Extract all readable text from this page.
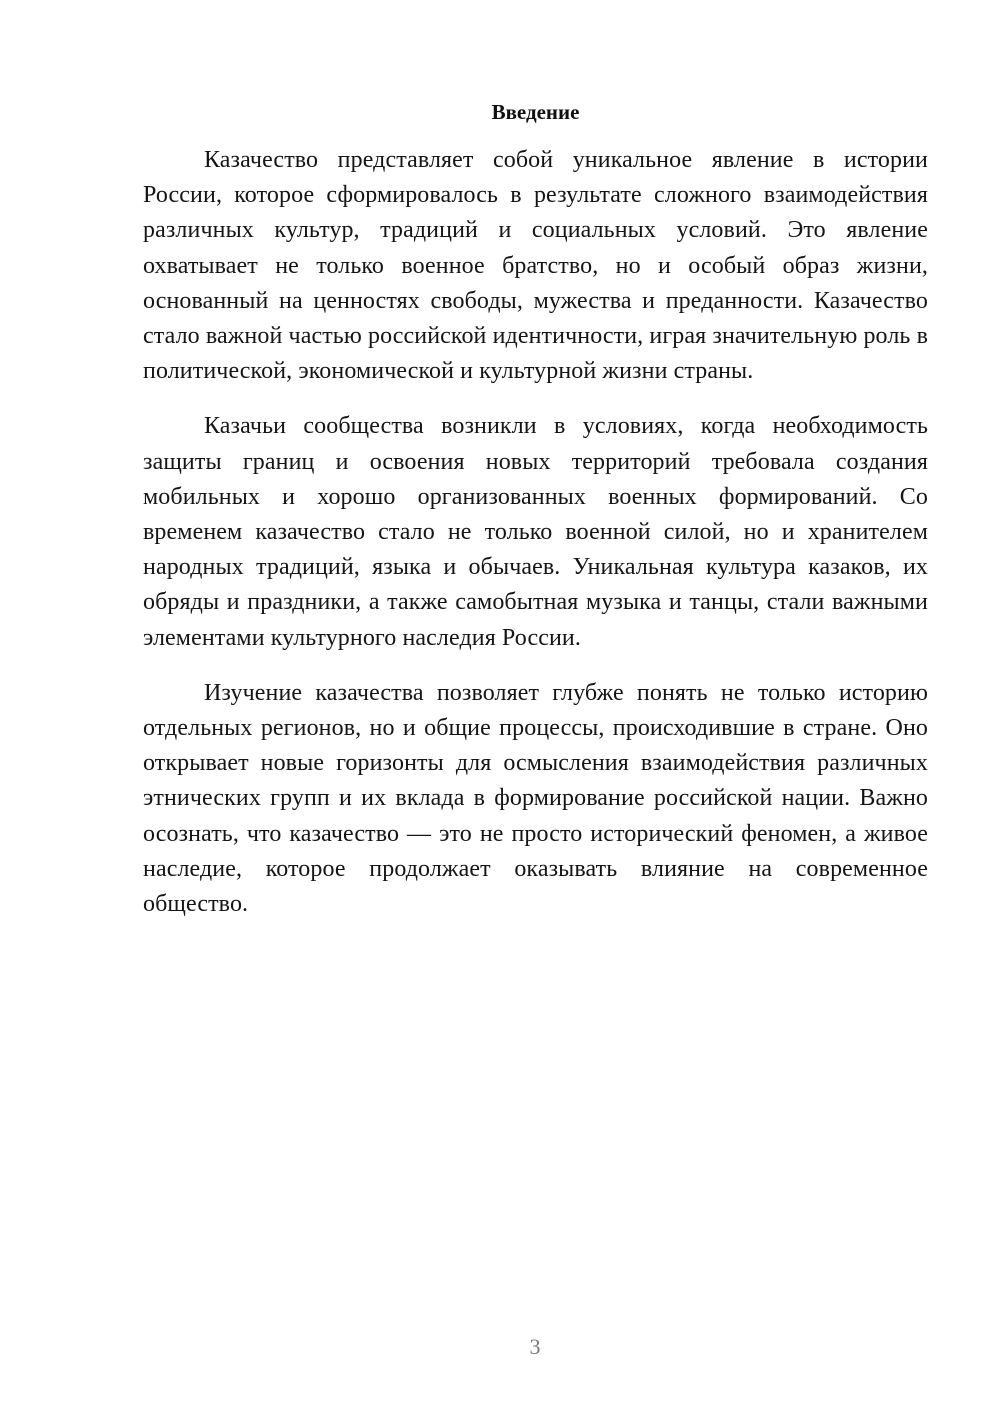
Введение

Казачество представляет собой уникальное явление в истории России, которое сформировалось в результате сложного взаимодействия различных культур, традиций и социальных условий. Это явление охватывает не только военное братство, но и особый образ жизни, основанный на ценностях свободы, мужества и преданности. Казачество стало важной частью российской идентичности, играя значительную роль в политической, экономической и культурной жизни страны.

Казачьи сообщества возникли в условиях, когда необходимость защиты границ и освоения новых территорий требовала создания мобильных и хорошо организованных военных формирований. Со временем казачество стало не только военной силой, но и хранителем народных традиций, языка и обычаев. Уникальная культура казаков, их обряды и праздники, а также самобытная музыка и танцы, стали важными элементами культурного наследия России.

Изучение казачества позволяет глубже понять не только историю отдельных регионов, но и общие процессы, происходившие в стране. Оно открывает новые горизонты для осмысления взаимодействия различных этнических групп и их вклада в формирование российской нации. Важно осознать, что казачество — это не просто исторический феномен, а живое наследие, которое продолжает оказывать влияние на современное общество.

3
